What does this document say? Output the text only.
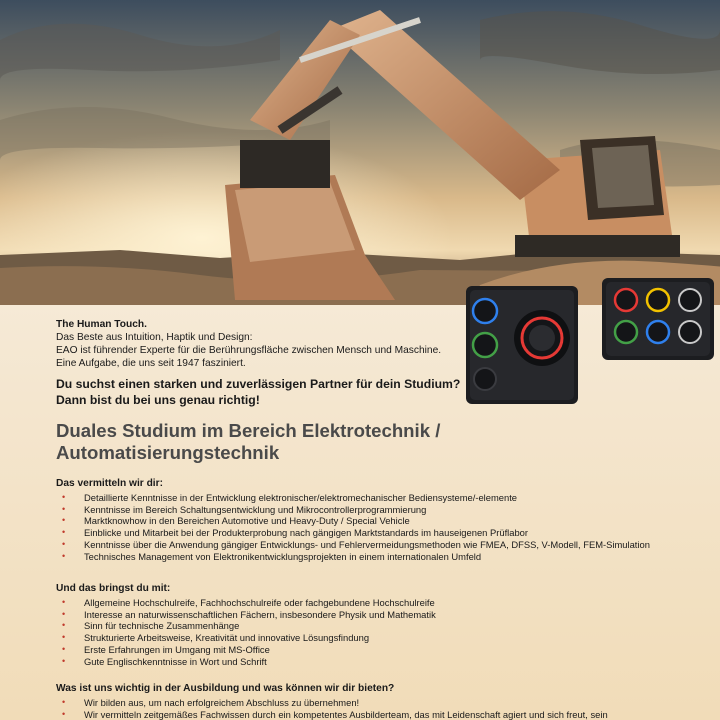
The Human Touch.
Das Beste aus Intuition, Haptik und Design:
EAO ist führender Experte für die Berührungsfläche zwischen Mensch und Maschine. Eine Aufgabe, die uns seit 1947 fasziniert.
Du suchst einen starken und zuverlässigen Partner für dein Studium?
Dann bist du bei uns genau richtig!
Duales Studium im Bereich Elektrotechnik / Automatisierungstechnik
Das vermitteln wir dir:
• Detaillierte Kenntnisse in der Entwicklung elektronischer/elektromechanischer Bediensysteme/-elemente
• Kenntnisse im Bereich Schaltungsentwicklung und Mikrocontrollerprogrammierung
• Marktknowhow in den Bereichen Automotive und Heavy-Duty / Special Vehicle
• Einblicke und Mitarbeit bei der Produkterprobung nach gängigen Marktstandards im hauseigenen Prüflabor
• Kenntnisse über die Anwendung gängiger Entwicklungs- und Fehlervermeidungsmethoden wie FMEA, DFSS, V-Modell, FEM-Simulation
• Technisches Management von Elektronikentwicklungsprojekten in einem internationalen Umfeld
Und das bringst du mit:
• Allgemeine Hochschulreife, Fachhochschulreife oder fachgebundene Hochschulreife
• Interesse an naturwissenschaftlichen Fächern, insbesondere Physik und Mathematik
• Sinn für technische Zusammenhänge
• Strukturierte Arbeitsweise, Kreativität und innovative Lösungsfindung
• Erste Erfahrungen im Umgang mit MS-Office
• Gute Englischkenntnisse in Wort und Schrift
Was ist uns wichtig in der Ausbildung und was können wir dir bieten?
• Wir bilden aus, um nach erfolgreichem Abschluss zu übernehmen!
• Wir vermitteln zeitgemäßes Fachwissen durch ein kompetentes Ausbilderteam, das mit Leidenschaft agiert und sich freut, sein
